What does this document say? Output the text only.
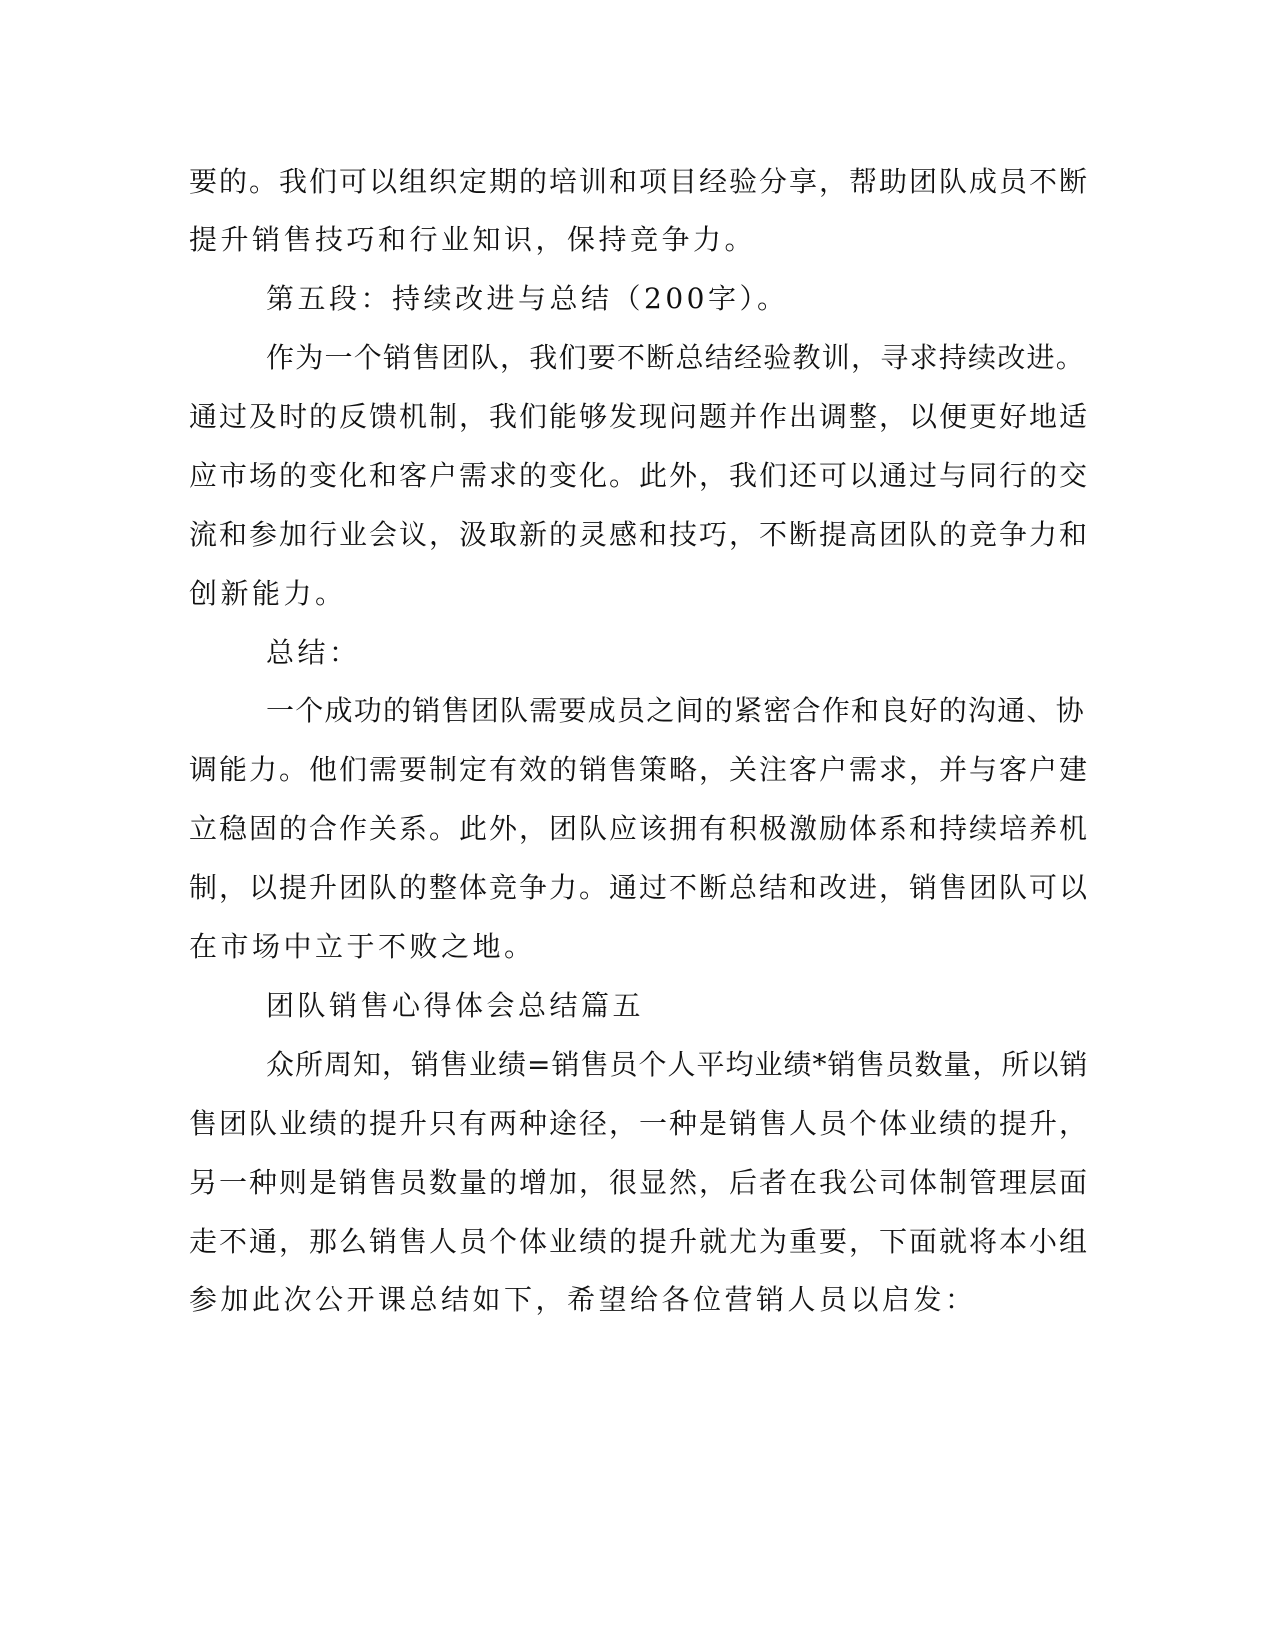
要的。我们可以组织定期的培训和项目经验分享，帮助团队成员不断
提升销售技巧和行业知识，保持竞争力。
第五段：持续改进与总结（200字）。
作为一个销售团队，我们要不断总结经验教训，寻求持续改进。
通过及时的反馈机制，我们能够发现问题并作出调整，以便更好地适
应市场的变化和客户需求的变化。此外，我们还可以通过与同行的交
流和参加行业会议，汲取新的灵感和技巧，不断提高团队的竞争力和
创新能力。
总结：
一个成功的销售团队需要成员之间的紧密合作和良好的沟通、协
调能力。他们需要制定有效的销售策略，关注客户需求，并与客户建
立稳固的合作关系。此外，团队应该拥有积极激励体系和持续培养机
制，以提升团队的整体竞争力。通过不断总结和改进，销售团队可以
在市场中立于不败之地。
团队销售心得体会总结篇五
众所周知，销售业绩=销售员个人平均业绩*销售员数量，所以销
售团队业绩的提升只有两种途径，一种是销售人员个体业绩的提升，
另一种则是销售员数量的增加，很显然，后者在我公司体制管理层面
走不通，那么销售人员个体业绩的提升就尤为重要，下面就将本小组
参加此次公开课总结如下，希望给各位营销人员以启发：
